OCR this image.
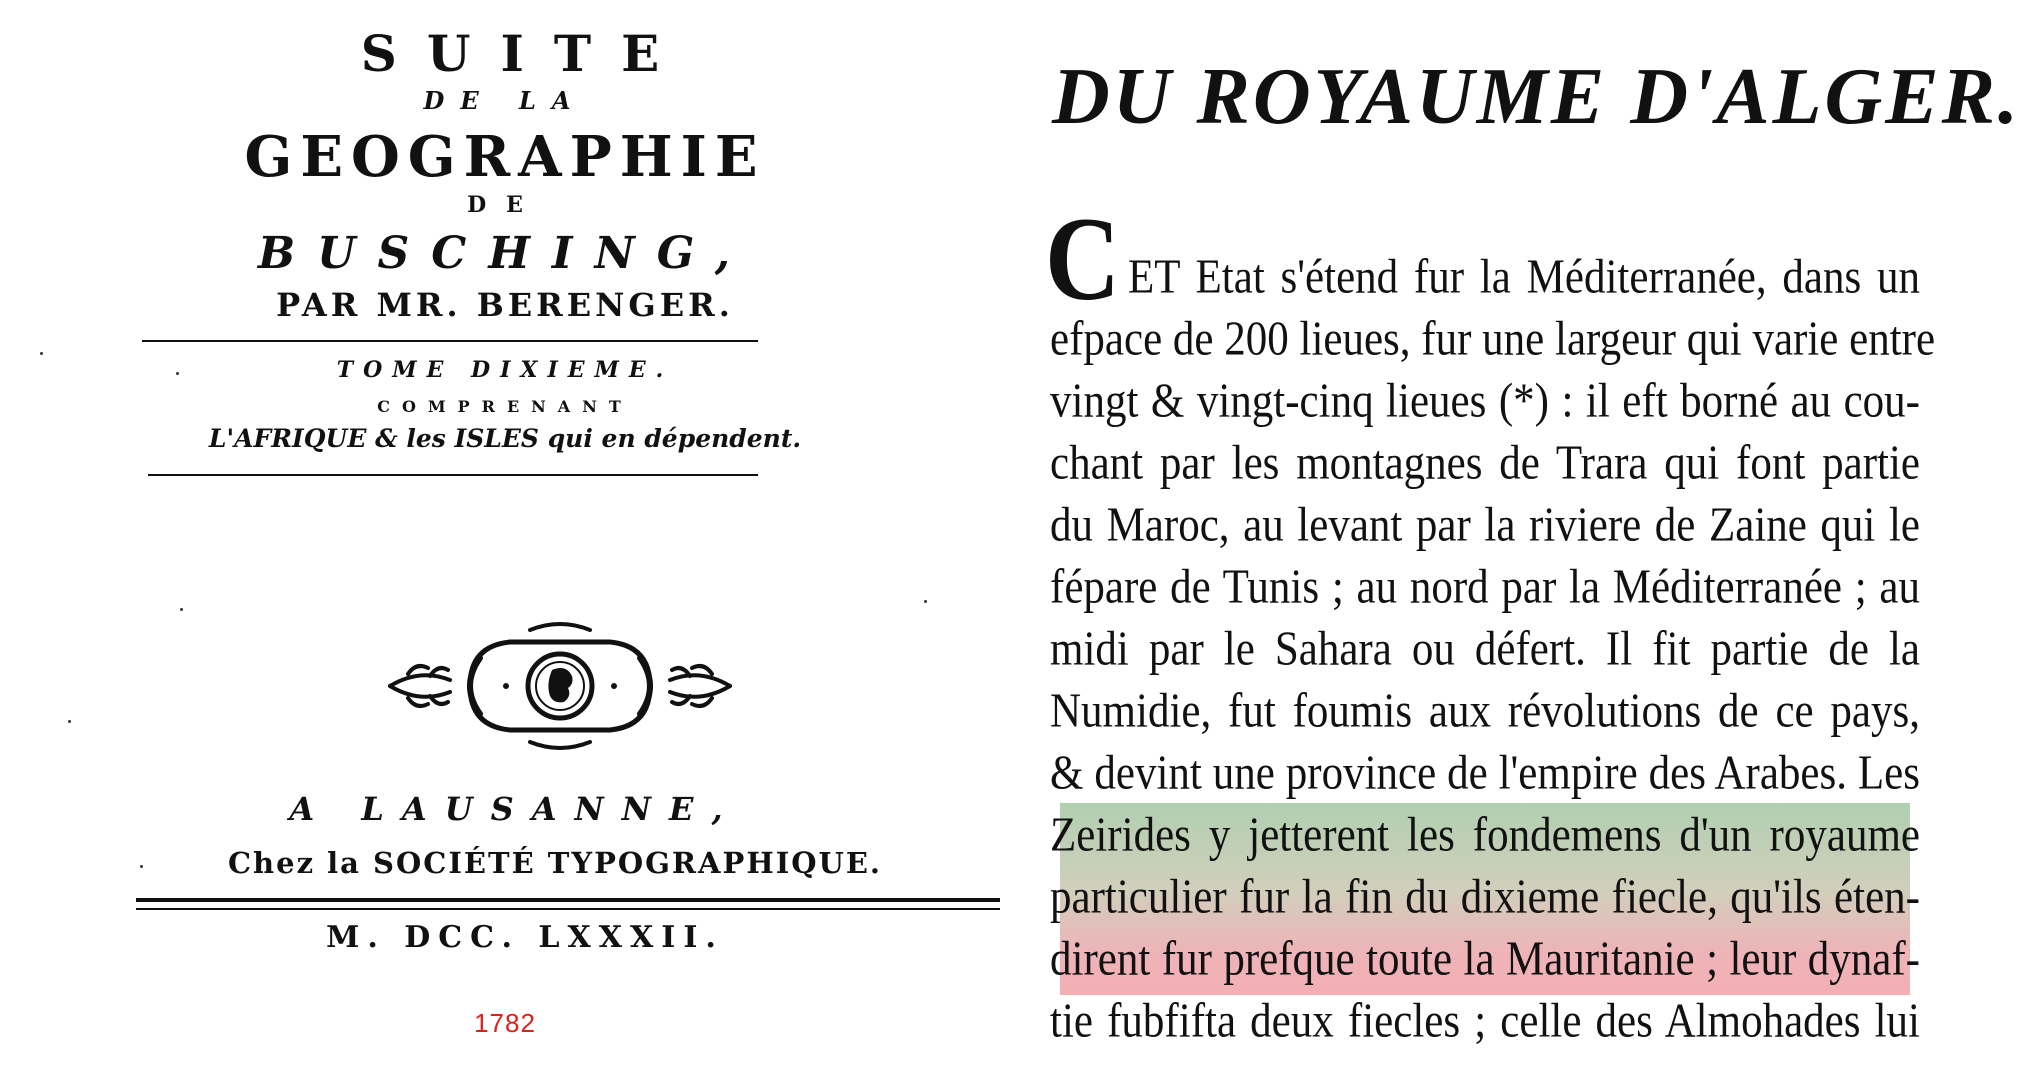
SUITE
DE LA
GEOGRAPHIE
DE
BUSCHING,
PAR MR. BERENGER.
TOME DIXIEME.
COMPRENANT
L'AFRIQUE & les ISLES qui en dépendent.
A LAUSANNE,
Chez la SOCIÉTÉ TYPOGRAPHIQUE.
M. DCC. LXXXII.
1782
DU ROYAUME D'ALGER.
C ET Etat s'étend fur la Méditerranée, dans un
efpace de 200 lieues, fur une largeur qui varie entre
vingt & vingt-cinq lieues (*) : il eft borné au cou-
chant par les montagnes de Trara qui font partie
du Maroc, au levant par la riviere de Zaine qui le
fépare de Tunis ; au nord par la Méditerranée ; au
midi par le Sahara ou défert. Il fit partie de la
Numidie, fut foumis aux révolutions de ce pays,
& devint une province de l'empire des Arabes. Les
Zeirides y jetterent les fondemens d'un royaume
particulier fur la fin du dixieme fiecle, qu'ils éten-
dirent fur prefque toute la Mauritanie ; leur dynaf-
tie fubfifta deux fiecles ; celle des Almohades lui
